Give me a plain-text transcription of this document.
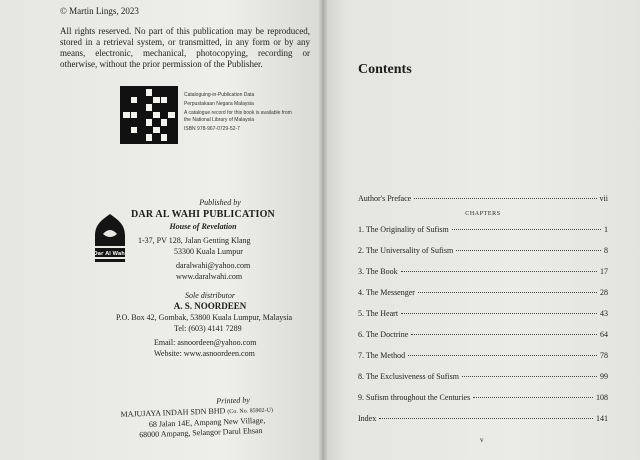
© Martin Lings, 2023
All rights reserved. No part of this publication may be reproduced, stored in a retrieval system, or transmitted, in any form or by any means, electronic, mechanical, photocopying, recording or otherwise, without the prior permission of the Publisher.
Cataloguing-in-Publication Data
Perpustakaan Negara Malaysia
A catalogue record for this book is available from the National Library of Malaysia
ISBN 978-967-0729-52-7
Dar Al Wahi
Published by
DAR AL WAHI PUBLICATION
House of Revelation
1-37, PV 128, Jalan Genting Klang
53300 Kuala Lumpur
daralwahi@yahoo.com
www.daralwahi.com
Sole distributor
A. S. NOORDEEN
P.O. Box 42, Gombak, 53800 Kuala Lumpur, Malaysia
Tel: (603) 4141 7289
Email: asnoordeen@yahoo.com
Website: www.asnoordeen.com
Printed by
MAJUJAYA INDAH SDN BHD (Co. No. 85902-U)
68 Jalan 14E, Ampang New Village,
68000 Ampang, Selangor Darul Ehsan
Contents
Author's Preface	vii
CHAPTERS
1. The Originality of Sufism	1
2. The Universality of Sufism	8
3. The Book	17
4. The Messenger	28
5. The Heart	43
6. The Doctrine	64
7. The Method	78
8. The Exclusiveness of Sufism	99
9. Sufism throughout the Centuries	108
Index	141
v
